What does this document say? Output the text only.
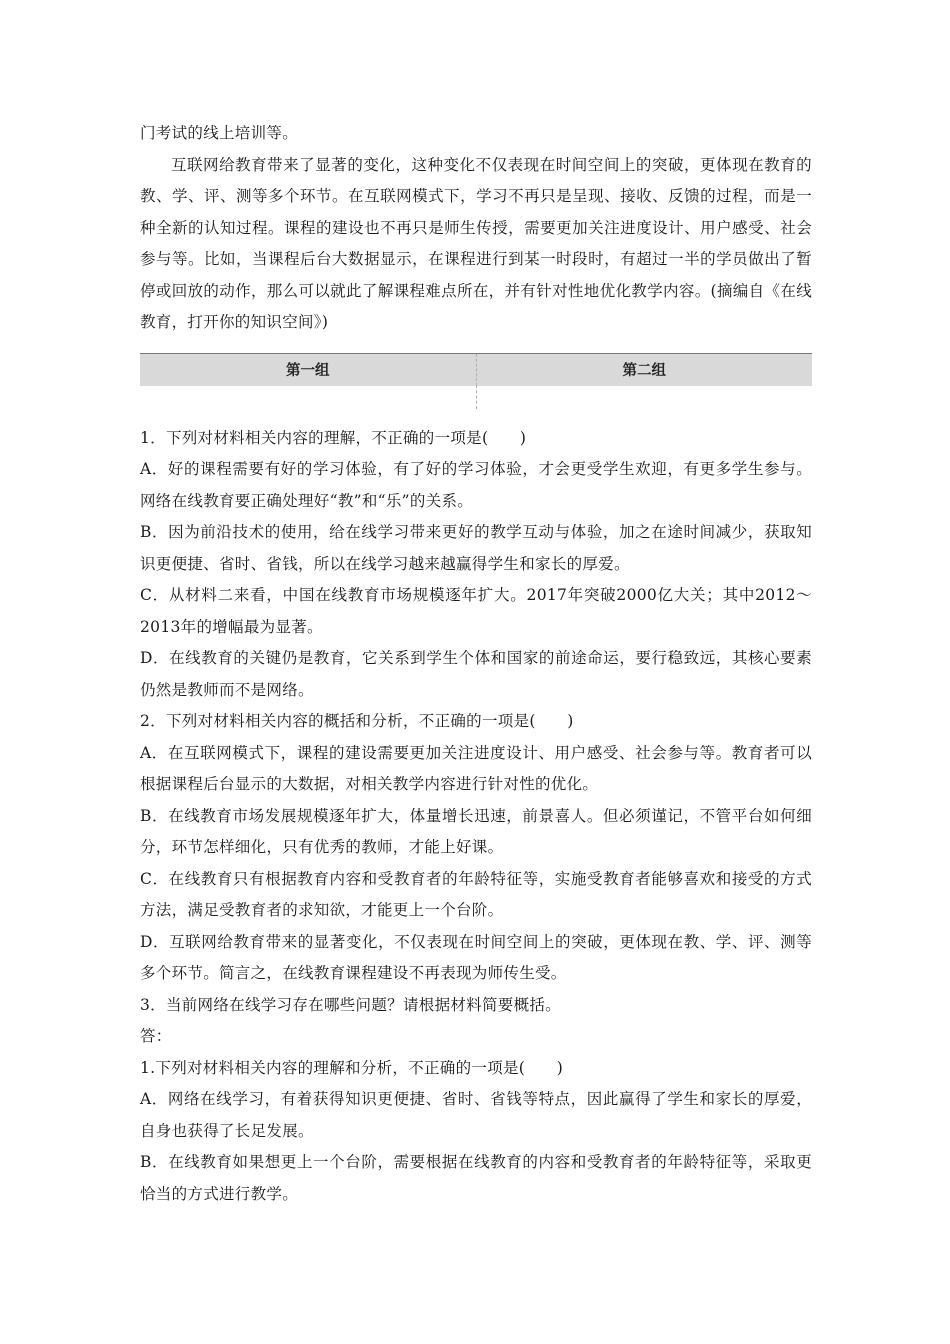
门考试的线上培训等。

互联网给教育带来了显著的变化，这种变化不仅表现在时间空间上的突破，更体现在教育的教、学、评、测等多个环节。在互联网模式下，学习不再只是呈现、接收、反馈的过程，而是一种全新的认知过程。课程的建设也不再只是师生传授，需要更加关注进度设计、用户感受、社会参与等。比如，当课程后台大数据显示，在课程进行到某一时段时，有超过一半的学员做出了暂停或回放的动作，那么可以就此了解课程难点所在，并有针对性地优化教学内容。(摘编自《在线教育，打开你的知识空间》)

第一组	第二组

1．下列对材料相关内容的理解，不正确的一项是(　　)

A．好的课程需要有好的学习体验，有了好的学习体验，才会更受学生欢迎，有更多学生参与。网络在线教育要正确处理好“教”和“乐”的关系。

B．因为前沿技术的使用，给在线学习带来更好的教学互动与体验，加之在途时间减少，获取知识更便捷、省时、省钱，所以在线学习越来越赢得学生和家长的厚爱。

C．从材料二来看，中国在线教育市场规模逐年扩大。2017年突破2000亿大关；其中2012～2013年的增幅最为显著。

D．在线教育的关键仍是教育，它关系到学生个体和国家的前途命运，要行稳致远，其核心要素仍然是教师而不是网络。

2．下列对材料相关内容的概括和分析，不正确的一项是(　　)

A．在互联网模式下，课程的建设需要更加关注进度设计、用户感受、社会参与等。教育者可以根据课程后台显示的大数据，对相关教学内容进行针对性的优化。

B．在线教育市场发展规模逐年扩大，体量增长迅速，前景喜人。但必须谨记，不管平台如何细分，环节怎样细化，只有优秀的教师，才能上好课。

C．在线教育只有根据教育内容和受教育者的年龄特征等，实施受教育者能够喜欢和接受的方式方法，满足受教育者的求知欲，才能更上一个台阶。

D．互联网给教育带来的显著变化，不仅表现在时间空间上的突破，更体现在教、学、评、测等多个环节。简言之，在线教育课程建设不再表现为师传生受。

3．当前网络在线学习存在哪些问题？请根据材料简要概括。

答：

1.下列对材料相关内容的理解和分析，不正确的一项是(　　)

A．网络在线学习，有着获得知识更便捷、省时、省钱等特点，因此赢得了学生和家长的厚爱，自身也获得了长足发展。

B．在线教育如果想更上一个台阶，需要根据在线教育的内容和受教育者的年龄特征等，采取更恰当的方式进行教学。
